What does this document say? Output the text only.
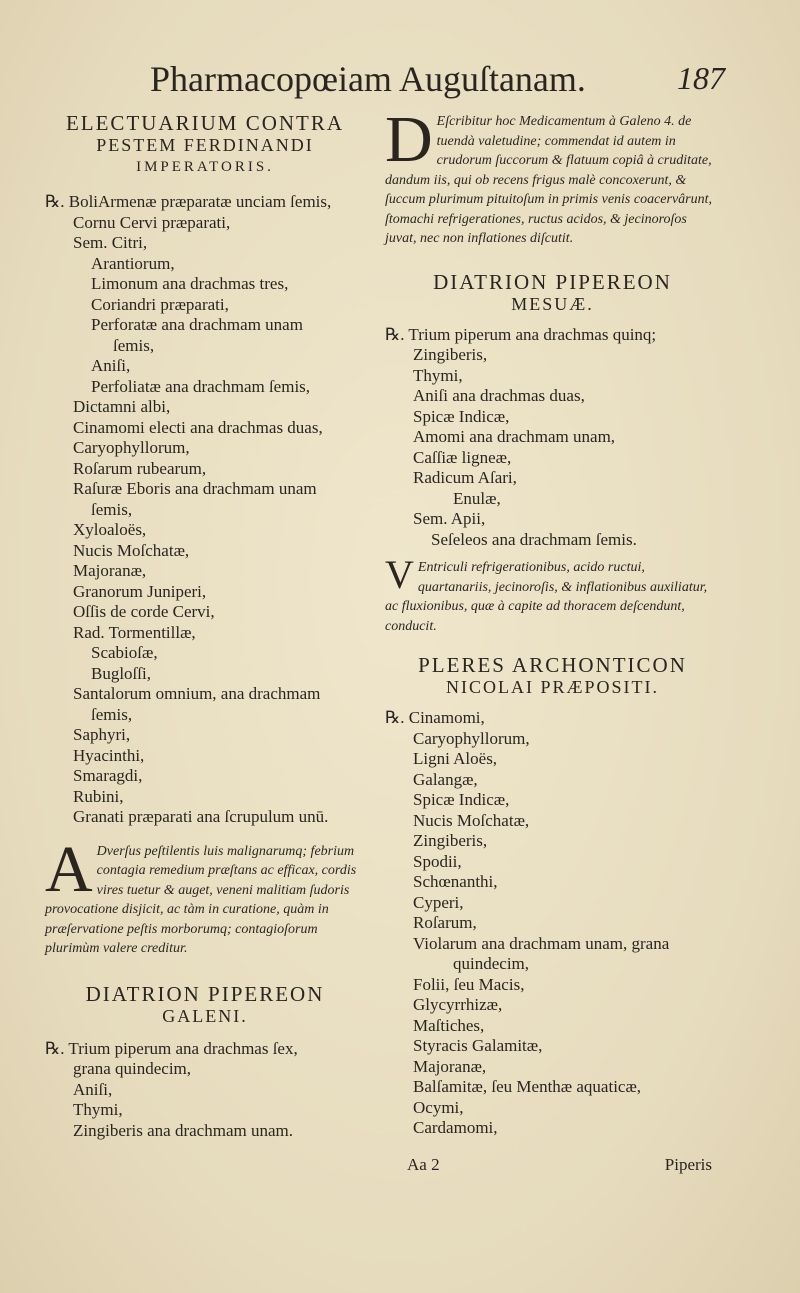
Pharmacopœiam Auguſtanam.	187
ELECTUARIUM CONTRA
PESTEM FERDINANDI
IMPERATORIS.
℞. BoliArmenæ præparatæ unciam ſemis,
Cornu Cervi præparati,
Sem. Citri,
Arantiorum,
Limonum ana drachmas tres,
Coriandri præparati,
Perforatæ ana drachmam unam
ſemis,
Aniſi,
Perfoliatæ ana drachmam ſemis,
Dictamni albi,
Cinamomi electi ana drachmas duas,
Caryophyllorum,
Roſarum rubearum,
Raſuræ Eboris ana drachmam unam
ſemis,
Xyloaloës,
Nucis Moſchatæ,
Majoranæ,
Granorum Juniperi,
Oſſis de corde Cervi,
Rad. Tormentillæ,
Scabioſæ,
Bugloſſi,
Santalorum omnium, ana drachmam
ſemis,
Saphyri,
Hyacinthi,
Smaragdi,
Rubini,
Granati præparati ana ſcrupulum unū.
A Dverſus peſtilentis luis malignarumq; febrium contagia remedium præſtans ac efficax, cordis vires tuetur & auget, veneni malitiam ſudoris provocatione disjicit, ac tàm in curatione, quàm in præſervatione peſtis morborumq; contagioſorum plurimùm valere creditur.
DIATRION PIPEREON
GALENI.
℞. Trium piperum ana drachmas ſex,
grana quindecim,
Aniſi,
Thymi,
Zingiberis ana drachmam unam.
D Eſcribitur hoc Medicamentum à Galeno 4. de tuendà valetudine; commendat id autem in crudorum ſuccorum & flatuum copiâ à cruditate, dandum iis, qui ob recens frigus malè concoxerunt, & ſuccum plurimum pituitoſum in primis venis coacervârunt, ſtomachi refrigerationes, ructus acidos, & jecinoroſos juvat, nec non inflationes diſcutit.
DIATRION PIPEREON
MESUÆ.
℞. Trium piperum ana drachmas quinq;
Zingiberis,
Thymi,
Aniſi ana drachmas duas,
Spicæ Indicæ,
Amomi ana drachmam unam,
Caſſiæ ligneæ,
Radicum Aſari,
Enulæ,
Sem. Apii,
Seſeleos ana drachmam ſemis.
V Entriculi refrigerationibus, acido ructui, quartanariis, jecinoroſis, & inflationibus auxiliatur, ac fluxionibus, quæ à capite ad thoracem deſcendunt, conducit.
PLERES ARCHONTICON
NICOLAI PRÆPOSITI.
℞. Cinamomi,
Caryophyllorum,
Ligni Aloës,
Galangæ,
Spicæ Indicæ,
Nucis Moſchatæ,
Zingiberis,
Spodii,
Schœnanthi,
Cyperi,
Roſarum,
Violarum ana drachmam unam, grana
quindecim,
Folii, ſeu Macis,
Glycyrrhizæ,
Maſtiches,
Styracis Galamitæ,
Majoranæ,
Balſamitæ, ſeu Menthæ aquaticæ,
Ocymi,
Cardamomi,
Aa 2	Piperis
